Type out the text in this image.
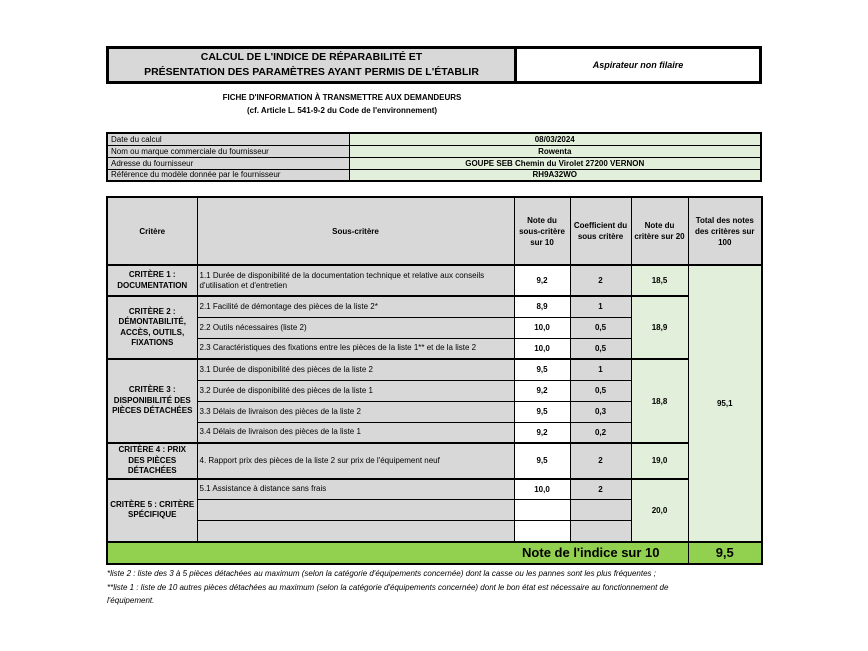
CALCUL DE L'INDICE DE RÉPARABILITÉ ET
PRÉSENTATION DES PARAMÈTRES AYANT PERMIS DE L'ÉTABLIR
Aspirateur non filaire
FICHE D'INFORMATION À TRANSMETTRE AUX DEMANDEURS
(cf. Article L. 541-9-2 du Code de l'environnement)
Date du calcul	08/03/2024
Nom ou marque commerciale du fournisseur	Rowenta
Adresse du fournisseur	GOUPE SEB Chemin du Virolet 27200 VERNON
Référence du modèle donnée par le fournisseur	RH9A32WO
Critère	Sous-critère	Note du sous-critère sur 10	Coefficient du sous critère	Note du critère sur 20	Total des notes des critères sur 100
CRITÈRE 1 : DOCUMENTATION	1.1 Durée de disponibilité de la documentation technique et relative aux conseils d'utilisation et d'entretien	9,2	2	18,5	95,1
CRITÈRE 2 : DÉMONTABILITÉ, ACCÈS, OUTILS, FIXATIONS	2.1 Facilité de démontage des pièces de la liste 2*	8,9	1	18,9	
	2.2 Outils nécessaires (liste 2)	10,0	0,5		
	2.3 Caractéristiques des fixations entre les pièces de la liste 1** et de la liste 2	10,0	0,5		
CRITÈRE 3 : DISPONIBILITÉ DES PIÈCES DÉTACHÉES	3.1 Durée de disponibilité des pièces de la liste 2	9,5	1	18,8	
	3.2 Durée de disponibilité des pièces de la liste 1	9,2	0,5		
	3.3 Délais de livraison des pièces de la liste 2	9,5	0,3		
	3.4 Délais de livraison des pièces de la liste 1	9,2	0,2		
CRITÈRE 4 : PRIX DES PIÈCES DÉTACHÉES	4. Rapport prix des pièces de la liste 2 sur prix de l'équipement neuf	9,5	2	19,0	
CRITÈRE 5 : CRITÈRE SPÉCIFIQUE	5.1 Assistance à distance sans frais	10,0	2	20,0	

Note de l'indice sur 10					9,5
*liste 2 : liste des 3 à 5 pièces détachées au maximum (selon la catégorie d'équipements concernée) dont la casse ou les pannes sont les plus fréquentes ;
**liste 1 : liste de 10 autres pièces détachées au maximum (selon la catégorie d'équipements concernée) dont le bon état est nécessaire au fonctionnement de
l'équipement.
